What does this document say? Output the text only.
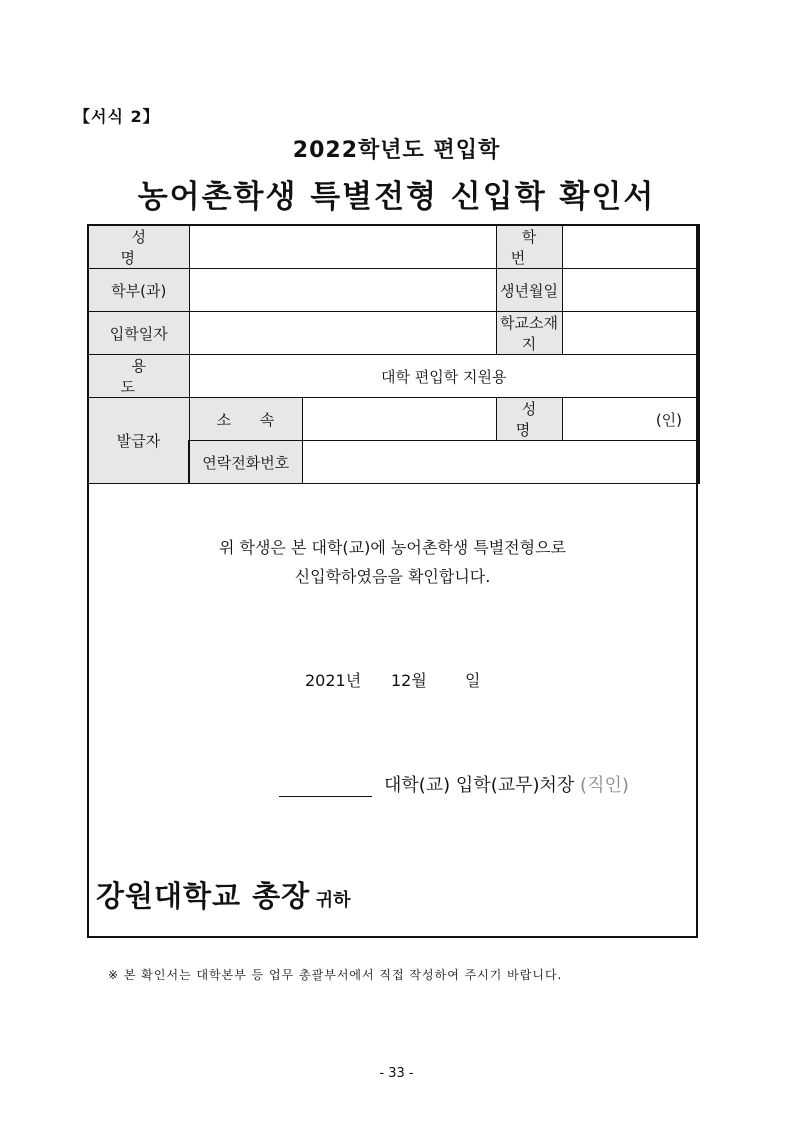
【서식 2】
2022학년도 편입학
농어촌학생 특별전형 신입학 확인서
성 명			학 번	
학부(과)			생년월일	
입학일자			학교소재지	
용 도	대학 편입학 지원용			
발급자	소 속		성 명	(인)
	연락전화번호			
위 학생은 본 대학(교)에 농어촌학생 특별전형으로
신입학하였음을 확인합니다.
2021년 12월 일
대학(교) 입학(교무)처장 (직인)
강원대학교 총장 귀하
※ 본 확인서는 대학본부 등 업무 총괄부서에서 직접 작성하여 주시기 바랍니다.
- 33 -
